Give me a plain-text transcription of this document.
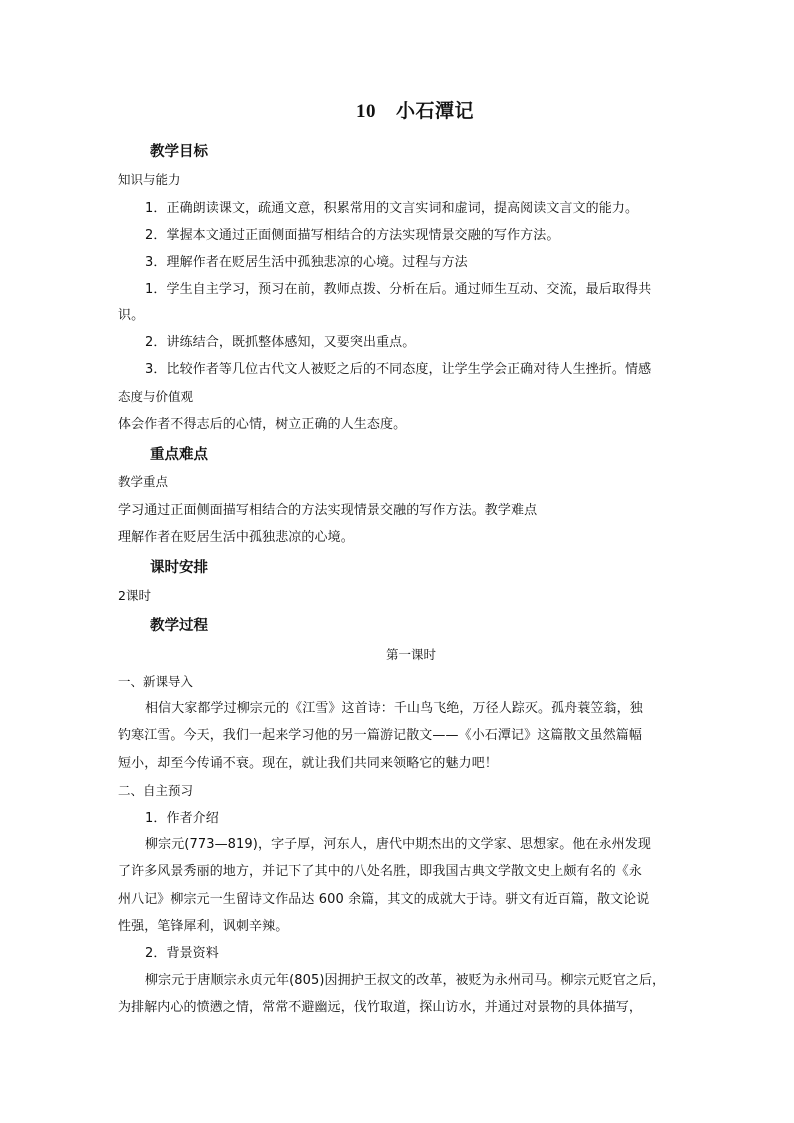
10 小石潭记
教学目标
知识与能力
1．正确朗读课文，疏通文意，积累常用的文言实词和虚词，提高阅读文言文的能力。
2．掌握本文通过正面侧面描写相结合的方法实现情景交融的写作方法。
3．理解作者在贬居生活中孤独悲凉的心境。过程与方法
1．学生自主学习，预习在前，教师点拨、分析在后。通过师生互动、交流，最后取得共
识。
2．讲练结合，既抓整体感知，又要突出重点。
3．比较作者等几位古代文人被贬之后的不同态度，让学生学会正确对待人生挫折。情感
态度与价值观
体会作者不得志后的心情，树立正确的人生态度。
重点难点
教学重点
学习通过正面侧面描写相结合的方法实现情景交融的写作方法。教学难点
理解作者在贬居生活中孤独悲凉的心境。
课时安排
2课时
教学过程
第一课时
一、新课导入
相信大家都学过柳宗元的《江雪》这首诗：千山鸟飞绝，万径人踪灭。孤舟蓑笠翁，独
钓寒江雪。今天，我们一起来学习他的另一篇游记散文——《小石潭记》这篇散文虽然篇幅
短小，却至今传诵不衰。现在，就让我们共同来领略它的魅力吧！
二、自主预习
1．作者介绍
柳宗元(773—819)，字子厚，河东人，唐代中期杰出的文学家、思想家。他在永州发现
了许多风景秀丽的地方，并记下了其中的八处名胜，即我国古典文学散文史上颇有名的《永
州八记》柳宗元一生留诗文作品达 600 余篇，其文的成就大于诗。骈文有近百篇，散文论说
性强，笔锋犀利，讽刺辛辣。
2．背景资料
柳宗元于唐顺宗永贞元年(805)因拥护王叔文的改革，被贬为永州司马。柳宗元贬官之后，
为排解内心的愤懑之情，常常不避幽远，伐竹取道，探山访水，并通过对景物的具体描写，
